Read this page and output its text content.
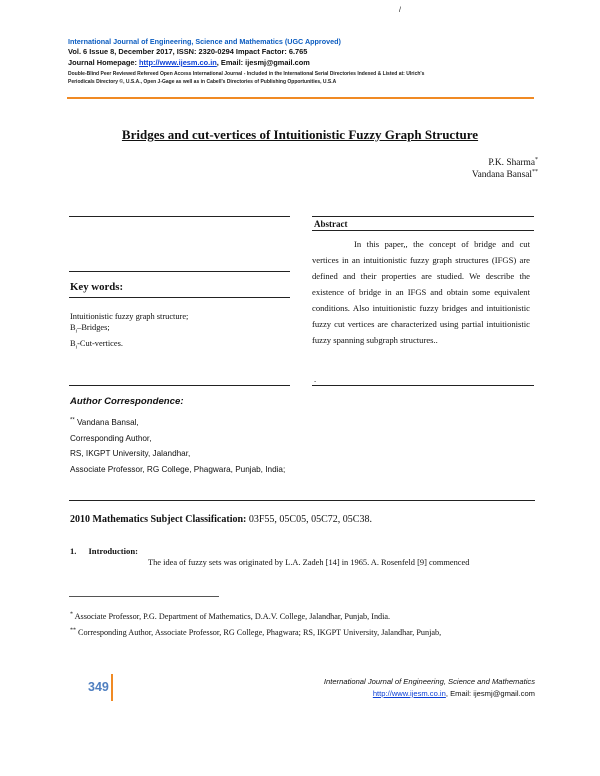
/
International Journal of Engineering, Science and Mathematics (UGC Approved)
Vol. 6 Issue 8, December 2017, ISSN: 2320-0294 Impact Factor: 6.765
Journal Homepage: http://www.ijesm.co.in, Email: ijesmj@gmail.com
Double-Blind Peer Reviewed Refereed Open Access International Journal - Included in the International Serial Directories Indexed & Listed at: Ulrich's
Periodicals Directory ©, U.S.A., Open J-Gage as well as in Cabell's Directories of Publishing Opportunities, U.S.A
Bridges and cut-vertices of Intuitionistic Fuzzy Graph Structure
P.K. Sharma*
Vandana Bansal**
Abstract
In this paper,, the concept of bridge and cut vertices in an intuitionistic fuzzy graph structures (IFGS) are defined and their properties are studied. We describe the existence of bridge in an IFGS and obtain some equivalent conditions. Also intuitionistic fuzzy bridges and intuitionistic fuzzy cut vertices are characterized using partial intuitionistic fuzzy spanning subgraph structures..
.
Key words:
Intuitionistic fuzzy graph structure;
$B_i$–Bridges;
$B_i-Cut$-vertices.
Author Correspondence:
** Vandana Bansal,
Corresponding Author,
RS, IKGPT University, Jalandhar,
Associate Professor, RG College, Phagwara, Punjab, India;
2010 Mathematics Subject Classification: 03F55, 05C05, 05C72, 05C38.
1. Introduction:
The idea of fuzzy sets was originated by L.A. Zadeh [14] in 1965. A. Rosenfeld [9] commenced
* Associate Professor, P.G. Department of Mathematics, D.A.V. College, Jalandhar, Punjab, India.
** Corresponding Author, Associate Professor, RG College, Phagwara; RS, IKGPT University, Jalandhar, Punjab,
349	International Journal of Engineering, Science and Mathematics
http://www.ijesm.co.in, Email: ijesmj@gmail.com
